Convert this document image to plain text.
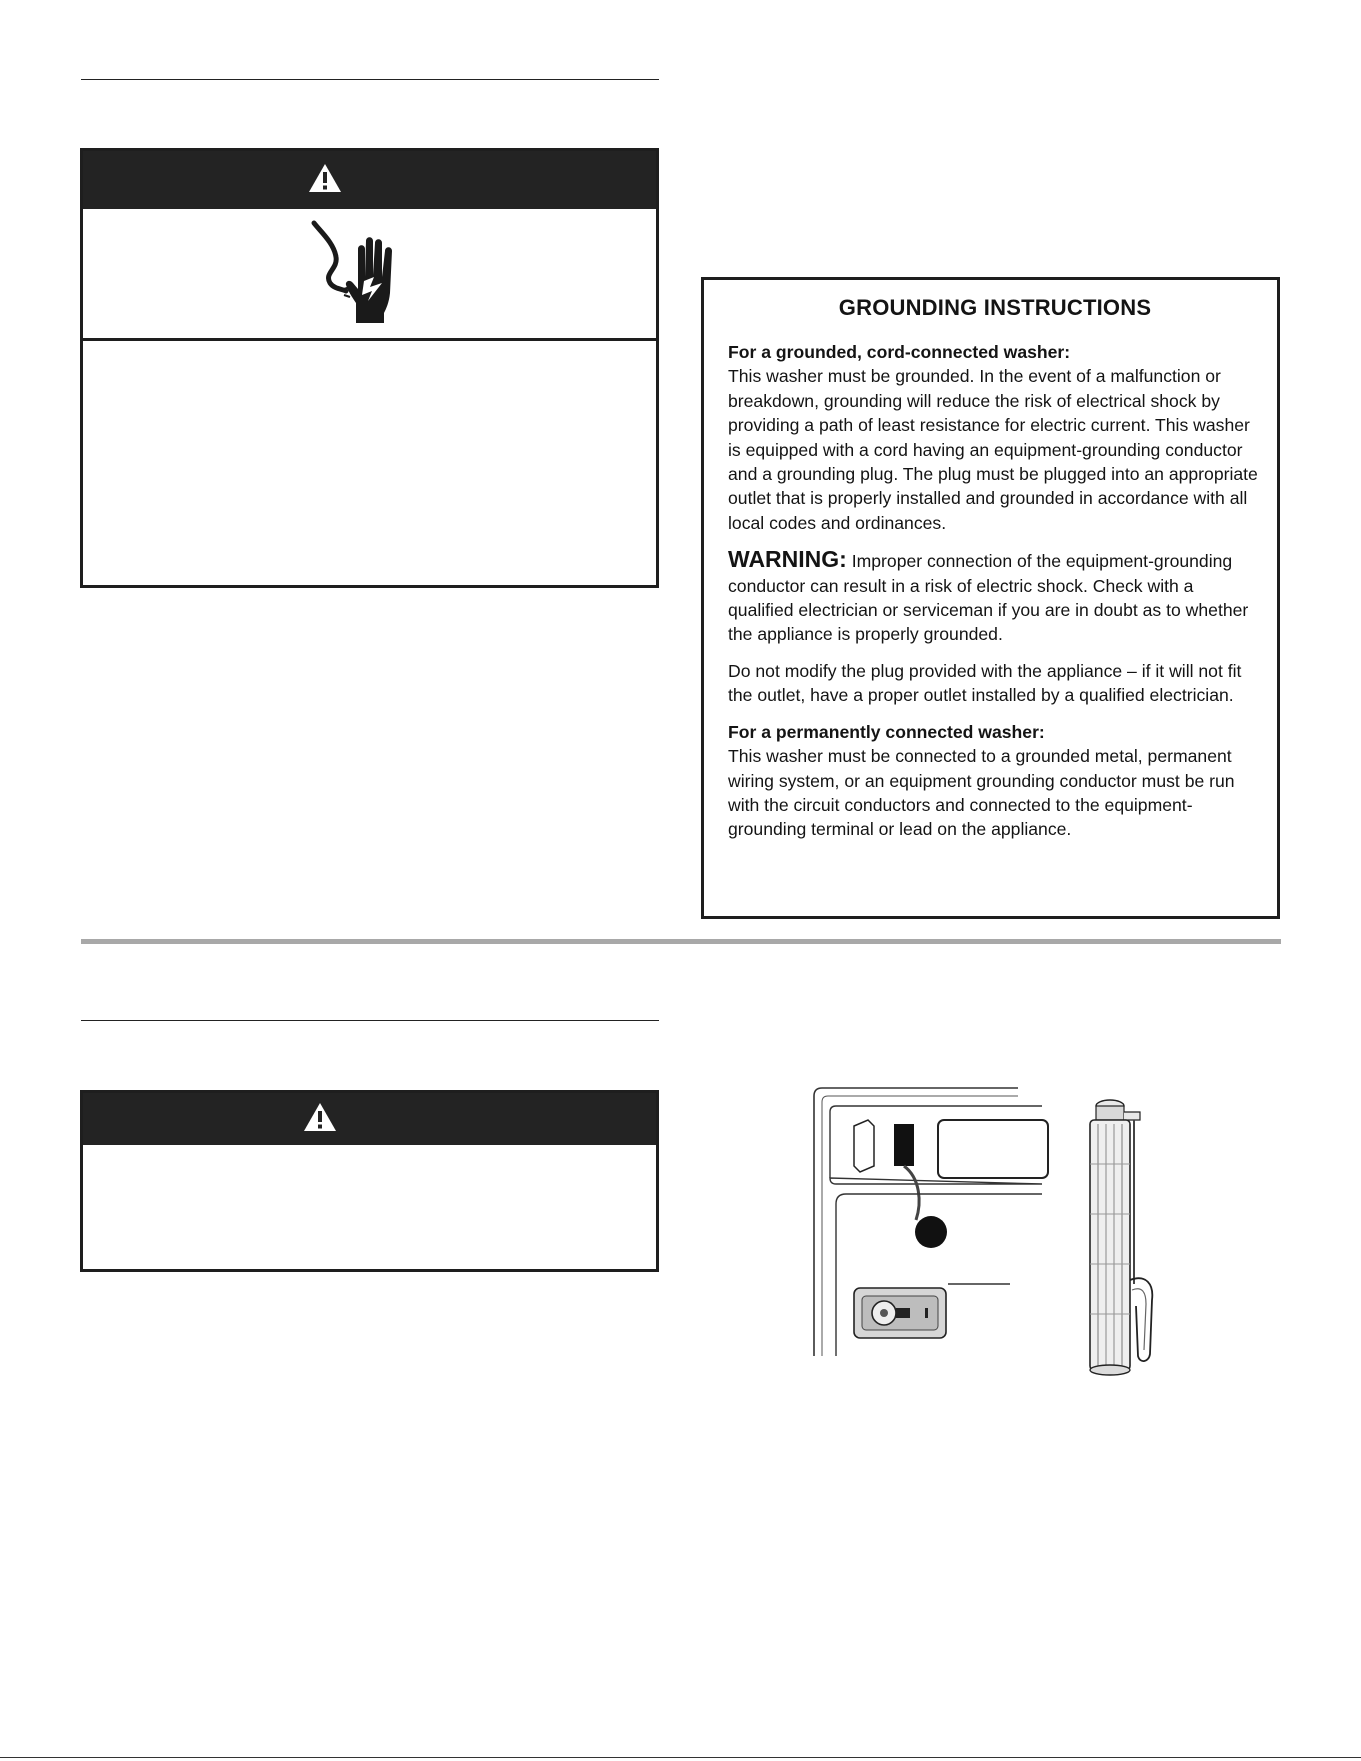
GROUNDING INSTRUCTIONS
For a grounded, cord-connected washer:
This washer must be grounded. In the event of a malfunction or breakdown, grounding will reduce the risk of electrical shock by providing a path of least resistance for electric current. This washer is equipped with a cord having an equipment-grounding conductor and a grounding plug. The plug must be plugged into an appropriate outlet that is properly installed and grounded in accordance with all local codes and ordinances.
WARNING: Improper connection of the equipment-grounding conductor can result in a risk of electric shock. Check with a qualified electrician or serviceman if you are in doubt as to whether the appliance is properly grounded.
Do not modify the plug provided with the appliance – if it will not fit the outlet, have a proper outlet installed by a qualified electrician.
For a permanently connected washer:
This washer must be connected to a grounded metal, permanent wiring system, or an equipment grounding conductor must be run with the circuit conductors and connected to the equipment-grounding terminal or lead on the appliance.
